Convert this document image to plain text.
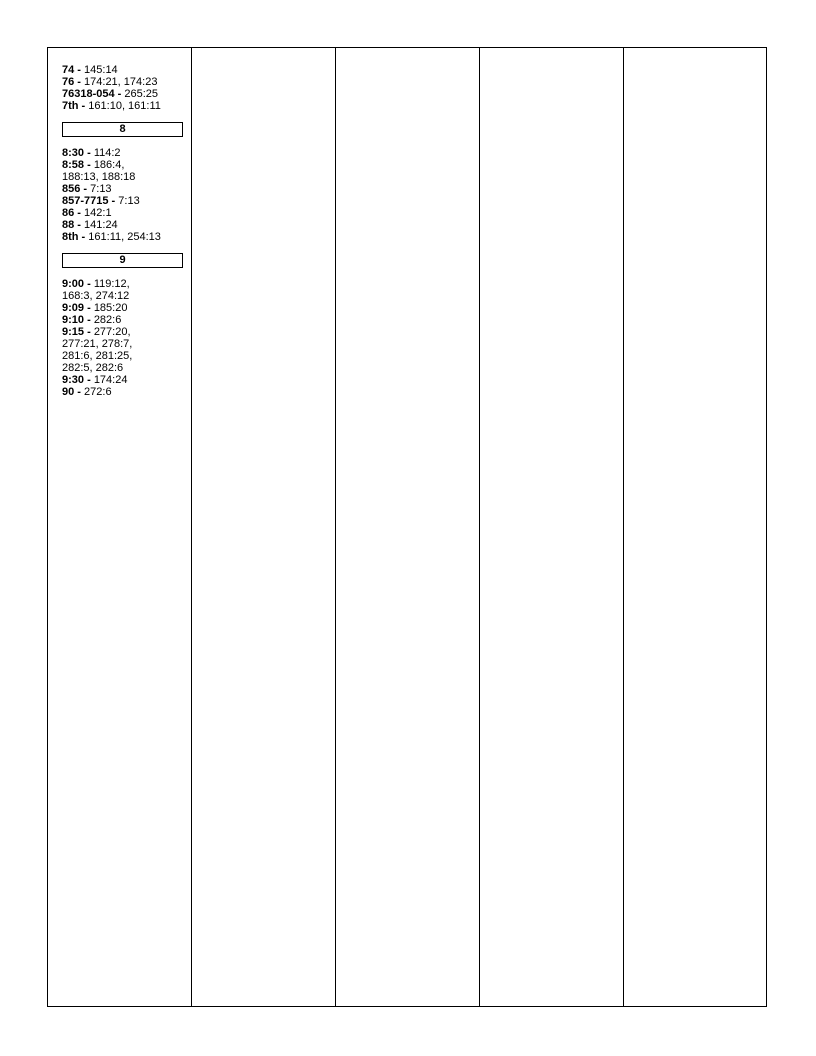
74 - 145:14
76 - 174:21, 174:23
76318-054 - 265:25
7th - 161:10, 161:11
8
8:30 - 114:2
8:58 - 186:4,
188:13, 188:18
856 - 7:13
857-7715 - 7:13
86 - 142:1
88 - 141:24
8th - 161:11, 254:13
9
9:00 - 119:12,
168:3, 274:12
9:09 - 185:20
9:10 - 282:6
9:15 - 277:20,
277:21, 278:7,
281:6, 281:25,
282:5, 282:6
9:30 - 174:24
90 - 272:6
